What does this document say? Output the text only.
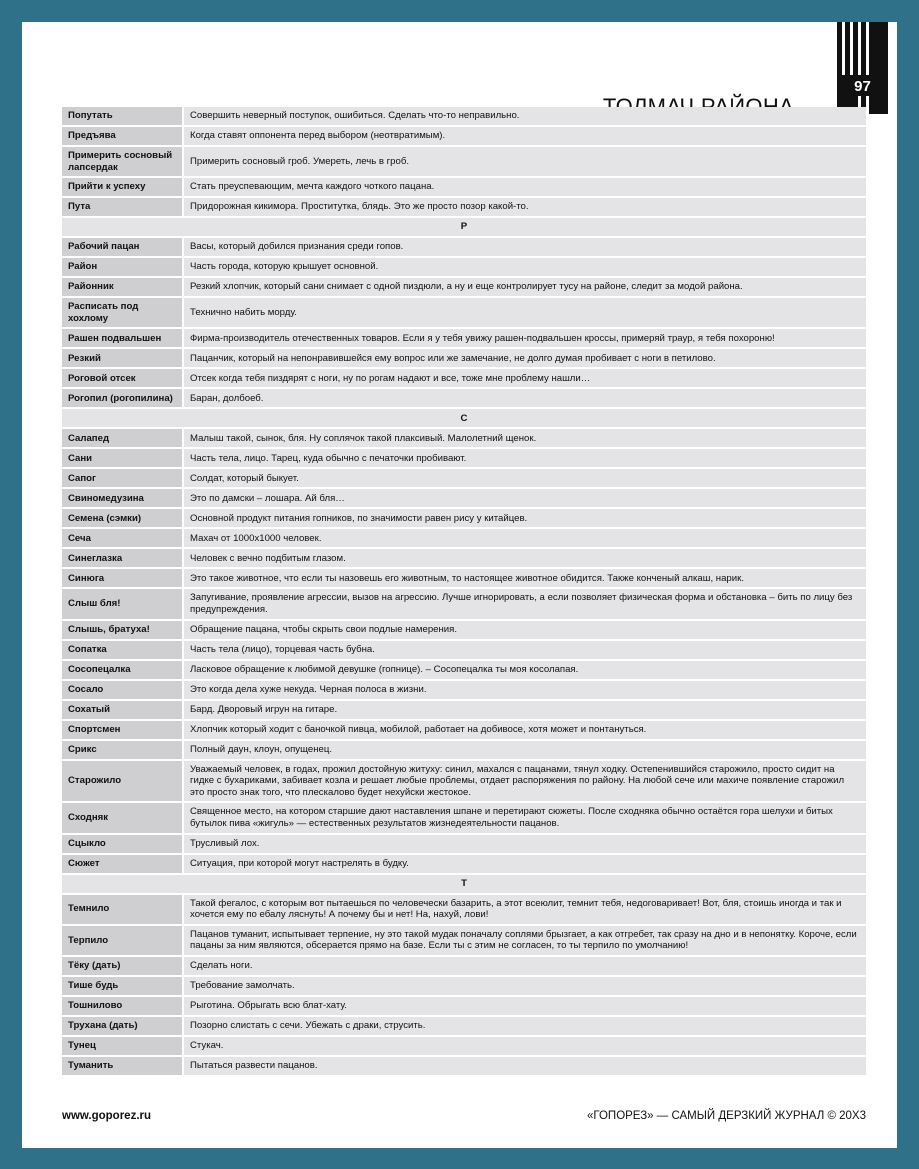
97
Попутать	Совершить неверный поступок, ошибиться. Сделать что-то неправильно.
Предъява	Когда ставят оппонента перед выбором (неотвратимым).
Примерить сосновый лапсердак	Примерить сосновый гроб. Умереть, лечь в гроб.
Прийти к успеху	Стать преуспевающим, мечта каждого чоткого пацана.
Пута	Придорожная кикимора. Проститутка, блядь. Это же просто позор какой-то.
Р	
Рабочий пацан	Васы, который добился признания среди гопов.
Район	Часть города, которую крышует основной.
Районник	Резкий хлопчик, который сани снимает с одной пиздюли, а ну и еще контролирует тусу на районе, следит за модой района.
Расписать под хохлому	Технично набить морду.
Рашен подвальшен	Фирма-производитель отечественных товаров. Если я у тебя увижу рашен-подвальшен кроссы, примеряй траур, я тебя похороню!
Резкий	Пацанчик, который на непонравившейся ему вопрос или же замечание, не долго думая пробивает с ноги в петилово.
Роговой отсек	Отсек когда тебя пиздярят с ноги, ну по рогам надают и все, тоже мне проблему нашли…
Рогопил (рогопилина)	Баран, долбоеб.
С	
Салапед	Малыш такой, сынок, бля. Ну соплячок такой плаксивый. Малолетний щенок.
Сани	Часть тела, лицо. Тарец, куда обычно с печаточки пробивают.
Сапог	Солдат, который быкует.
Свиномедузина	Это по дамски – лошара. Ай бля…
Семена (сэмки)	Основной продукт питания гопников, по значимости равен рису у китайцев.
Сеча	Махач от 1000х1000 человек.
Синеглазка	Человек с вечно подбитым глазом.
Синюга	Это такое животное, что если ты назовешь его животным, то настоящее животное обидится. Также конченый алкаш, нарик.
Слыш бля!	Запугивание, проявление агрессии, вызов на агрессию. Лучше игнорировать, а если позволяет физическая форма и обстановка – бить по лицу без предупреждения.
Слышь, братуха!	Обращение пацана, чтобы скрыть свои подлые намерения.
Сопатка	Часть тела (лицо), торцевая часть бубна.
Сосопецалка	Ласковое обращение к любимой девушке (гопнице). – Сосопецалка ты моя косолапая.
Сосало	Это когда дела хуже некуда. Черная полоса в жизни.
Сохатый	Бард. Дворовый игрун на гитаре.
Спортсмен	Хлопчик который ходит с баночкой пивца, мобилой, работает на добивосе, хотя может и понтануться.
Срикс	Полный даун, клоун, опущенец.
Старожило	Уважаемый человек, в годах, прожил достойную житуху: синил, махался с пацанами, тянул ходку. Остепенившийся старожило, просто сидит на гидке с бухариками, забивает козла и решает любые проблемы, отдает распоряжения по району. На любой сече или махиче появление старожил это просто знак того, что плескалово будет нехуйски жестокое.
Сходняк	Священное место, на котором старшие дают наставления шпане и перетирают сюжеты. После сходняка обычно остаётся гора шелухи и битых бутылок пива «жигуль» — естественных результатов жизнедеятельности пацанов.
Сцыкло	Трусливый лох.
Сюжет	Ситуация, при которой могут настрелять в будку.
Т	
Темнило	Такой фегалос, с которым вот пытаешься по человечески базарить, а этот всеюлит, темнит тебя, недоговаривает! Вот, бля, стоишь иногда и так и хочется ему по ебалу ляснуть! А почему бы и нет! На, нахуй, лови!
Терпило	Пацанов туманит, испытывает терпение, ну это такой мудак поначалу соплями брызгает, а как отгребет, так сразу на дно и в непонятку. Короче, если пацаны за ним являются, обсерается прямо на базе. Если ты с этим не согласен, то ты терпило по умолчанию!
Тёку (дать)	Сделать ноги.
Тише будь	Требование замолчать.
Тошнилово	Рыготина. Обрыгать всю блат-хату.
Трухана (дать)	Позорно слистать с сечи. Убежать с драки, струсить.
Тунец	Стукач.
Туманить	Пытаться развести пацанов.
www.goporez.ru	«ГОПОРЕЗ» — САМЫЙ ДЕРЗКИЙ ЖУРНАЛ © 20Х3
